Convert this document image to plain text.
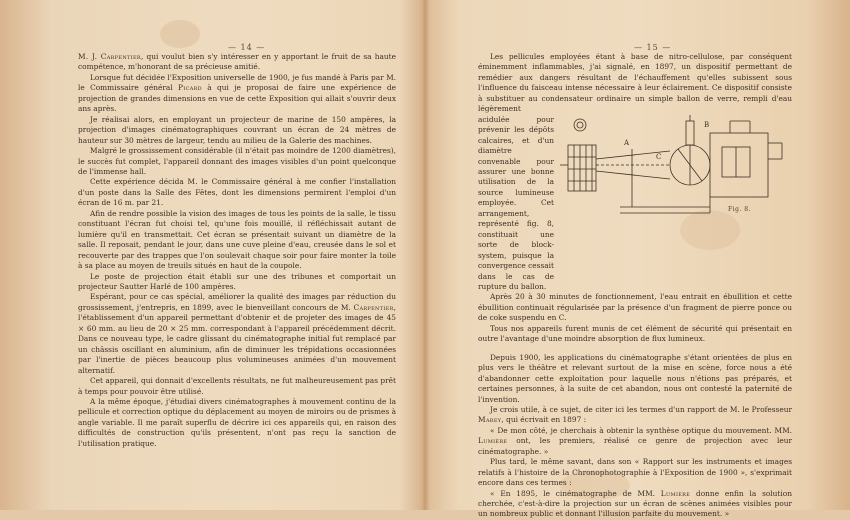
— 14 —

M. J. Carpentier, qui voulut bien s'y intéresser en y apportant le fruit de sa haute compétence, m'honorant de sa précieuse amitié.

Lorsque fut décidée l'Exposition universelle de 1900, je fus mandé à Paris par M. le Commissaire général Picard à qui je proposai de faire une expérience de projection de grandes dimensions en vue de cette Exposition qui allait s'ouvrir deux ans après.

Je réalisai alors, en employant un projecteur de marine de 150 ampères, la projection d'images cinématographiques couvrant un écran de 24 mètres de hauteur sur 30 mètres de largeur, tendu au milieu de la Galerie des machines.

Malgré le grossissement considérable (il n'était pas moindre de 1200 diamètres), le succès fut complet, l'appareil donnant des images visibles d'un point quelconque de l'immense hall.

Cette expérience décida M. le Commissaire général à me confier l'installation d'un poste dans la Salle des Fêtes, dont les dimensions permirent l'emploi d'un écran de 16 m. par 21.

Afin de rendre possible la vision des images de tous les points de la salle, le tissu constituant l'écran fut choisi tel, qu'une fois mouillé, il réfléchissait autant de lumière qu'il en transmettait. Cet écran se présentait suivant un diamètre de la salle. Il reposait, pendant le jour, dans une cuve pleine d'eau, creusée dans le sol et recouverte par des trappes que l'on soulevait chaque soir pour faire monter la toile à sa place au moyen de treuils situés en haut de la coupole.

Le poste de projection était établi sur une des tribunes et comportait un projecteur Sautter Harlé de 100 ampères.

Espérant, pour ce cas spécial, améliorer la qualité des images par réduction du grossissement, j'entrepris, en 1899, avec le bienveillant concours de M. Carpentier, l'établissement d'un appareil permettant d'obtenir et de projeter des images de 45 × 60 mm. au lieu de 20 × 25 mm. correspondant à l'appareil précédemment décrit. Dans ce nouveau type, le cadre glissant du cinématographe initial fut remplacé par un châssis oscillant en aluminium, afin de diminuer les trépidations occasionnées par l'inertie de pièces beaucoup plus volumineuses animées d'un mouvement alternatif.

Cet appareil, qui donnait d'excellents résultats, ne fut malheureusement pas prêt à temps pour pouvoir être utilisé.

A la même époque, j'étudiai divers cinématographes à mouvement continu de la pellicule et correction optique du déplacement au moyen de miroirs ou de prismes à angle variable. Il me paraît superflu de décrire ici ces appareils qui, en raison des difficultés de construction qu'ils présentent, n'ont pas reçu la sanction de l'utilisation pratique.

— 15 —

Les pellicules employées étant à base de nitro-cellulose, par conséquent éminemment inflammables, j'ai signalé, en 1897, un dispositif permettant de remédier aux dangers résultant de l'échauffement qu'elles subissent sous l'influence du faisceau intense nécessaire à leur éclairement. Ce dispositif consiste à substituer au condensateur ordinaire un simple ballon de verre, rempli d'eau légèrement

acidulée pour prévenir les dépôts calcaires, et d'un diamètre convenable pour assurer une bonne utilisation de la source lumineuse employée. Cet arrangement, représenté fig. 8, constituait une sorte de block-system, puisque la convergence cessait dans le cas de rupture du ballon.

A
B
C
Fig. 8.

Après 20 à 30 minutes de fonctionnement, l'eau entrait en ébullition et cette ébullition continuait régularisée par la présence d'un fragment de pierre ponce ou de coke suspendu en C.

Tous nos appareils furent munis de cet élément de sécurité qui présentait en outre l'avantage d'une moindre absorption de flux lumineux.

Depuis 1900, les applications du cinématographe s'étant orientées de plus en plus vers le théâtre et relevant surtout de la mise en scène, force nous a été d'abandonner cette exploitation pour laquelle nous n'étions pas préparés, et certaines personnes, à la suite de cet abandon, nous ont contesté la paternité de l'invention.

Je crois utile, à ce sujet, de citer ici les termes d'un rapport de M. le Professeur Marey, qui écrivait en 1897 :

« De mon côté, je cherchais à obtenir la synthèse optique du mouvement. MM. Lumière ont, les premiers, réalisé ce genre de projection avec leur cinématographe. »

Plus tard, le même savant, dans son « Rapport sur les instruments et images relatifs à l'histoire de la Chronophotographie à l'Exposition de 1900 », s'exprimait encore dans ces termes :

« En 1895, le cinématographe de MM. Lumière donne enfin la solution cherchée, c'est-à-dire la projection sur un écran de scènes animées visibles pour un nombreux public et donnant l'illusion parfaite du mouvement. »
